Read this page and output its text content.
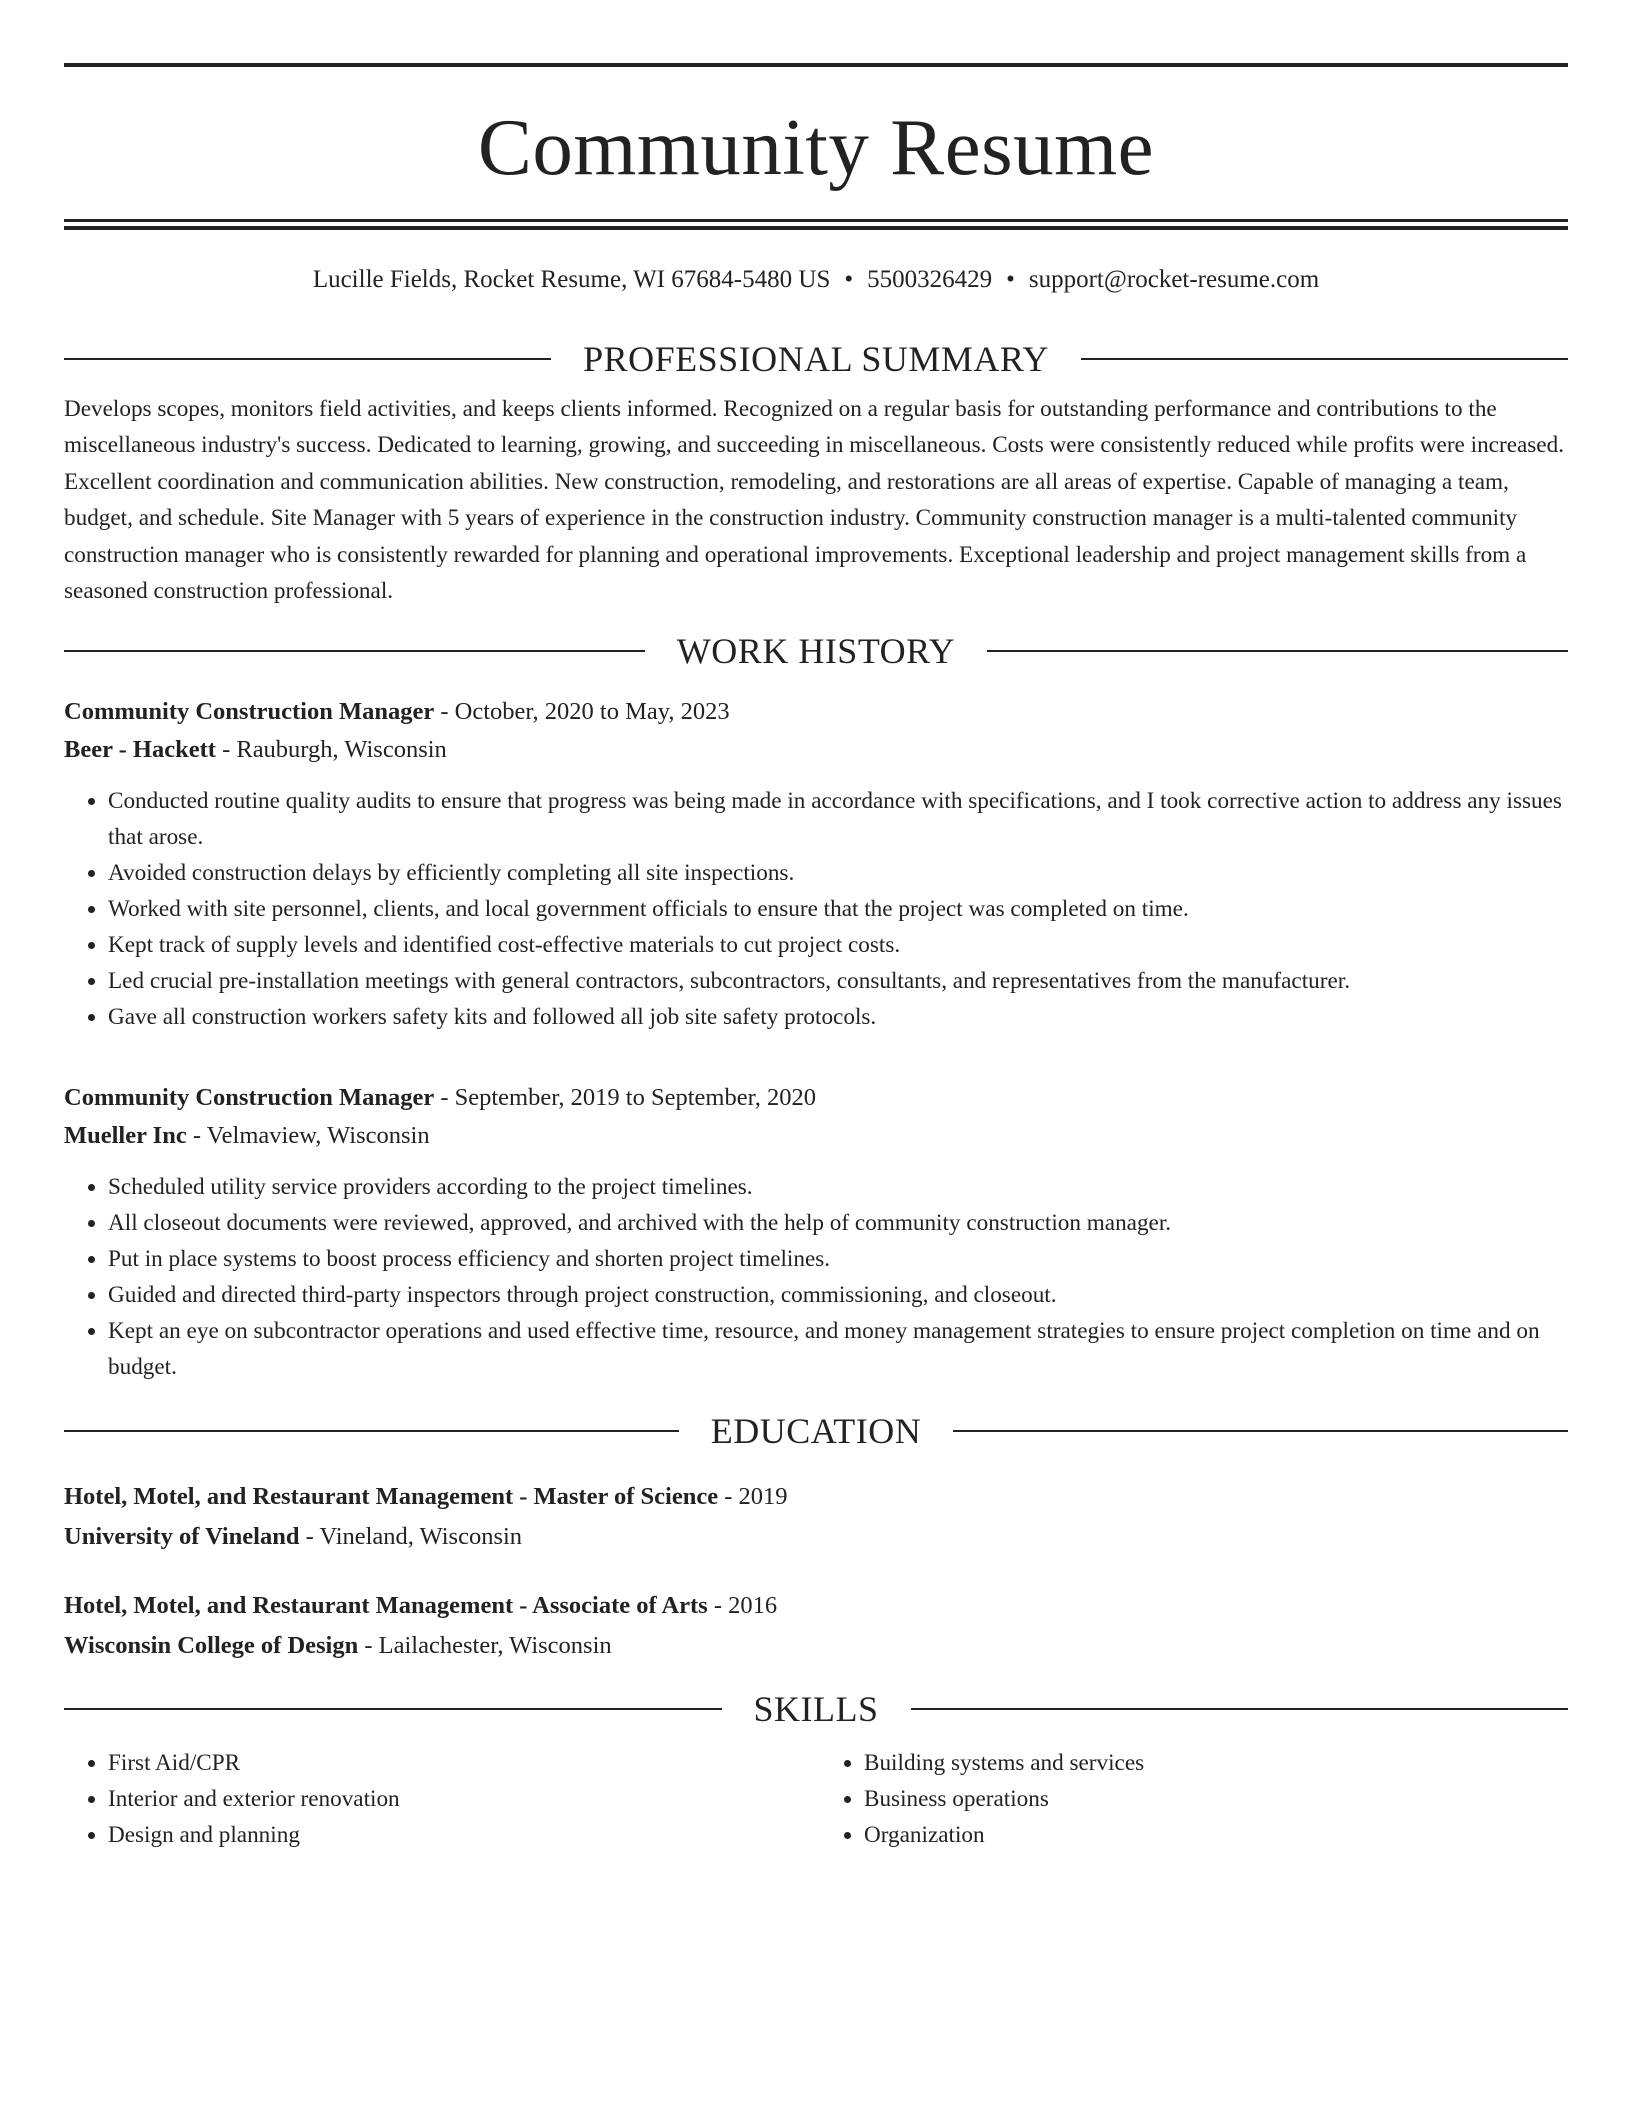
Community Resume
Lucille Fields, Rocket Resume, WI 67684-5480 US • 5500326429 • support@rocket-resume.com
PROFESSIONAL SUMMARY
Develops scopes, monitors field activities, and keeps clients informed. Recognized on a regular basis for outstanding performance and contributions to the miscellaneous industry's success. Dedicated to learning, growing, and succeeding in miscellaneous. Costs were consistently reduced while profits were increased. Excellent coordination and communication abilities. New construction, remodeling, and restorations are all areas of expertise. Capable of managing a team, budget, and schedule. Site Manager with 5 years of experience in the construction industry. Community construction manager is a multi-talented community construction manager who is consistently rewarded for planning and operational improvements. Exceptional leadership and project management skills from a seasoned construction professional.
WORK HISTORY
Community Construction Manager - October, 2020 to May, 2023
Beer - Hackett - Rauburgh, Wisconsin
• Conducted routine quality audits to ensure that progress was being made in accordance with specifications, and I took corrective action to address any issues that arose.
• Avoided construction delays by efficiently completing all site inspections.
• Worked with site personnel, clients, and local government officials to ensure that the project was completed on time.
• Kept track of supply levels and identified cost-effective materials to cut project costs.
• Led crucial pre-installation meetings with general contractors, subcontractors, consultants, and representatives from the manufacturer.
• Gave all construction workers safety kits and followed all job site safety protocols.
Community Construction Manager - September, 2019 to September, 2020
Mueller Inc - Velmaview, Wisconsin
• Scheduled utility service providers according to the project timelines.
• All closeout documents were reviewed, approved, and archived with the help of community construction manager.
• Put in place systems to boost process efficiency and shorten project timelines.
• Guided and directed third-party inspectors through project construction, commissioning, and closeout.
• Kept an eye on subcontractor operations and used effective time, resource, and money management strategies to ensure project completion on time and on budget.
EDUCATION
Hotel, Motel, and Restaurant Management - Master of Science - 2019
University of Vineland - Vineland, Wisconsin
Hotel, Motel, and Restaurant Management - Associate of Arts - 2016
Wisconsin College of Design - Lailachester, Wisconsin
SKILLS
• First Aid/CPR
• Interior and exterior renovation
• Design and planning
• Building systems and services
• Business operations
• Organization
